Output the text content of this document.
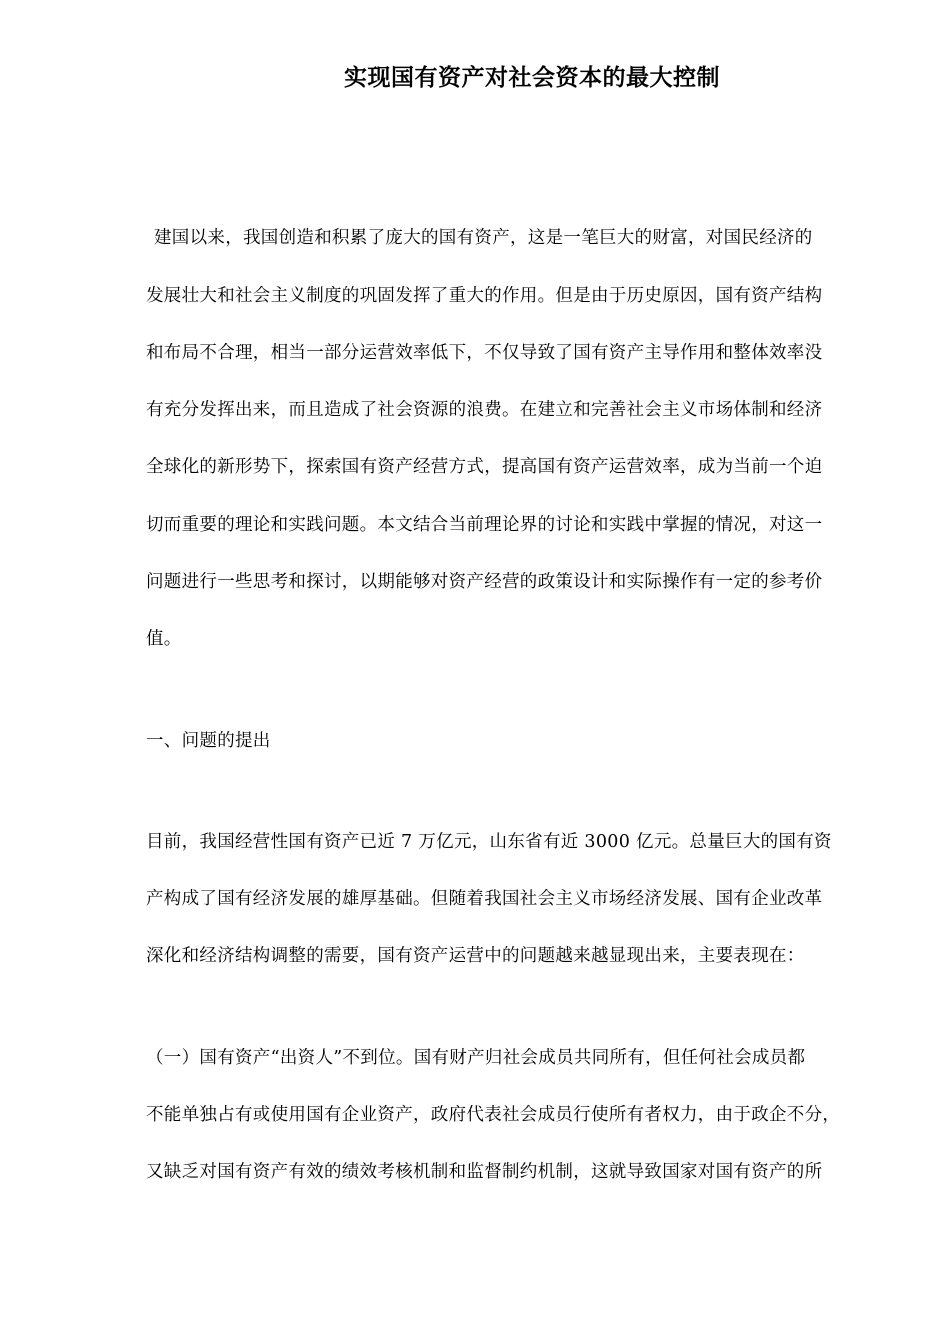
实现国有资产对社会资本的最大控制
建国以来，我国创造和积累了庞大的国有资产，这是一笔巨大的财富，对国民经济的
发展壮大和社会主义制度的巩固发挥了重大的作用。但是由于历史原因，国有资产结构
和布局不合理，相当一部分运营效率低下，不仅导致了国有资产主导作用和整体效率没
有充分发挥出来，而且造成了社会资源的浪费。在建立和完善社会主义市场体制和经济
全球化的新形势下，探索国有资产经营方式，提高国有资产运营效率，成为当前一个迫
切而重要的理论和实践问题。本文结合当前理论界的讨论和实践中掌握的情况，对这一
问题进行一些思考和探讨，以期能够对资产经营的政策设计和实际操作有一定的参考价
值。
一、问题的提出
目前，我国经营性国有资产已近 7 万亿元，山东省有近 3000 亿元。总量巨大的国有资
产构成了国有经济发展的雄厚基础。但随着我国社会主义市场经济发展、国有企业改革
深化和经济结构调整的需要，国有资产运营中的问题越来越显现出来，主要表现在：
（一）国有资产“出资人”不到位。国有财产归社会成员共同所有，但任何社会成员都
不能单独占有或使用国有企业资产，政府代表社会成员行使所有者权力，由于政企不分，
又缺乏对国有资产有效的绩效考核机制和监督制约机制，这就导致国家对国有资产的所
